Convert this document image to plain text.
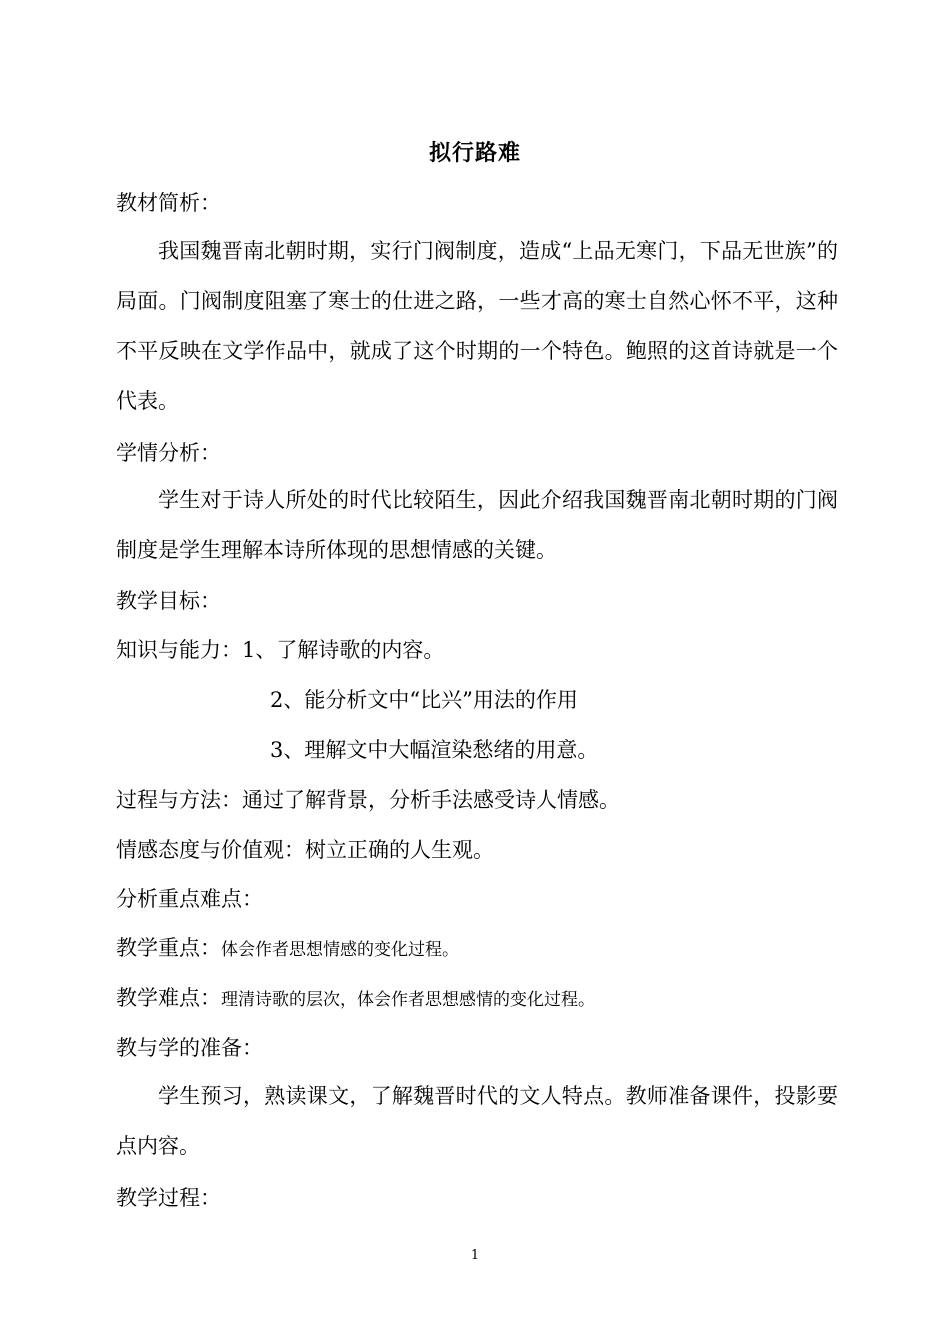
拟行路难
教材简析：
我国魏晋南北朝时期，实行门阀制度，造成“上品无寒门，下品无世族”的局面。门阀制度阻塞了寒士的仕进之路，一些才高的寒士自然心怀不平，这种不平反映在文学作品中，就成了这个时期的一个特色。鲍照的这首诗就是一个代表。
学情分析：
学生对于诗人所处的时代比较陌生，因此介绍我国魏晋南北朝时期的门阀制度是学生理解本诗所体现的思想情感的关键。
教学目标：
知识与能力：1、了解诗歌的内容。
2、能分析文中“比兴”用法的作用
3、理解文中大幅渲染愁绪的用意。
过程与方法：通过了解背景，分析手法感受诗人情感。
情感态度与价值观：树立正确的人生观。
分析重点难点：
教学重点：体会作者思想情感的变化过程。
教学难点：理清诗歌的层次，体会作者思想感情的变化过程。
教与学的准备：
学生预习，熟读课文，了解魏晋时代的文人特点。教师准备课件，投影要点内容。
教学过程：
1
